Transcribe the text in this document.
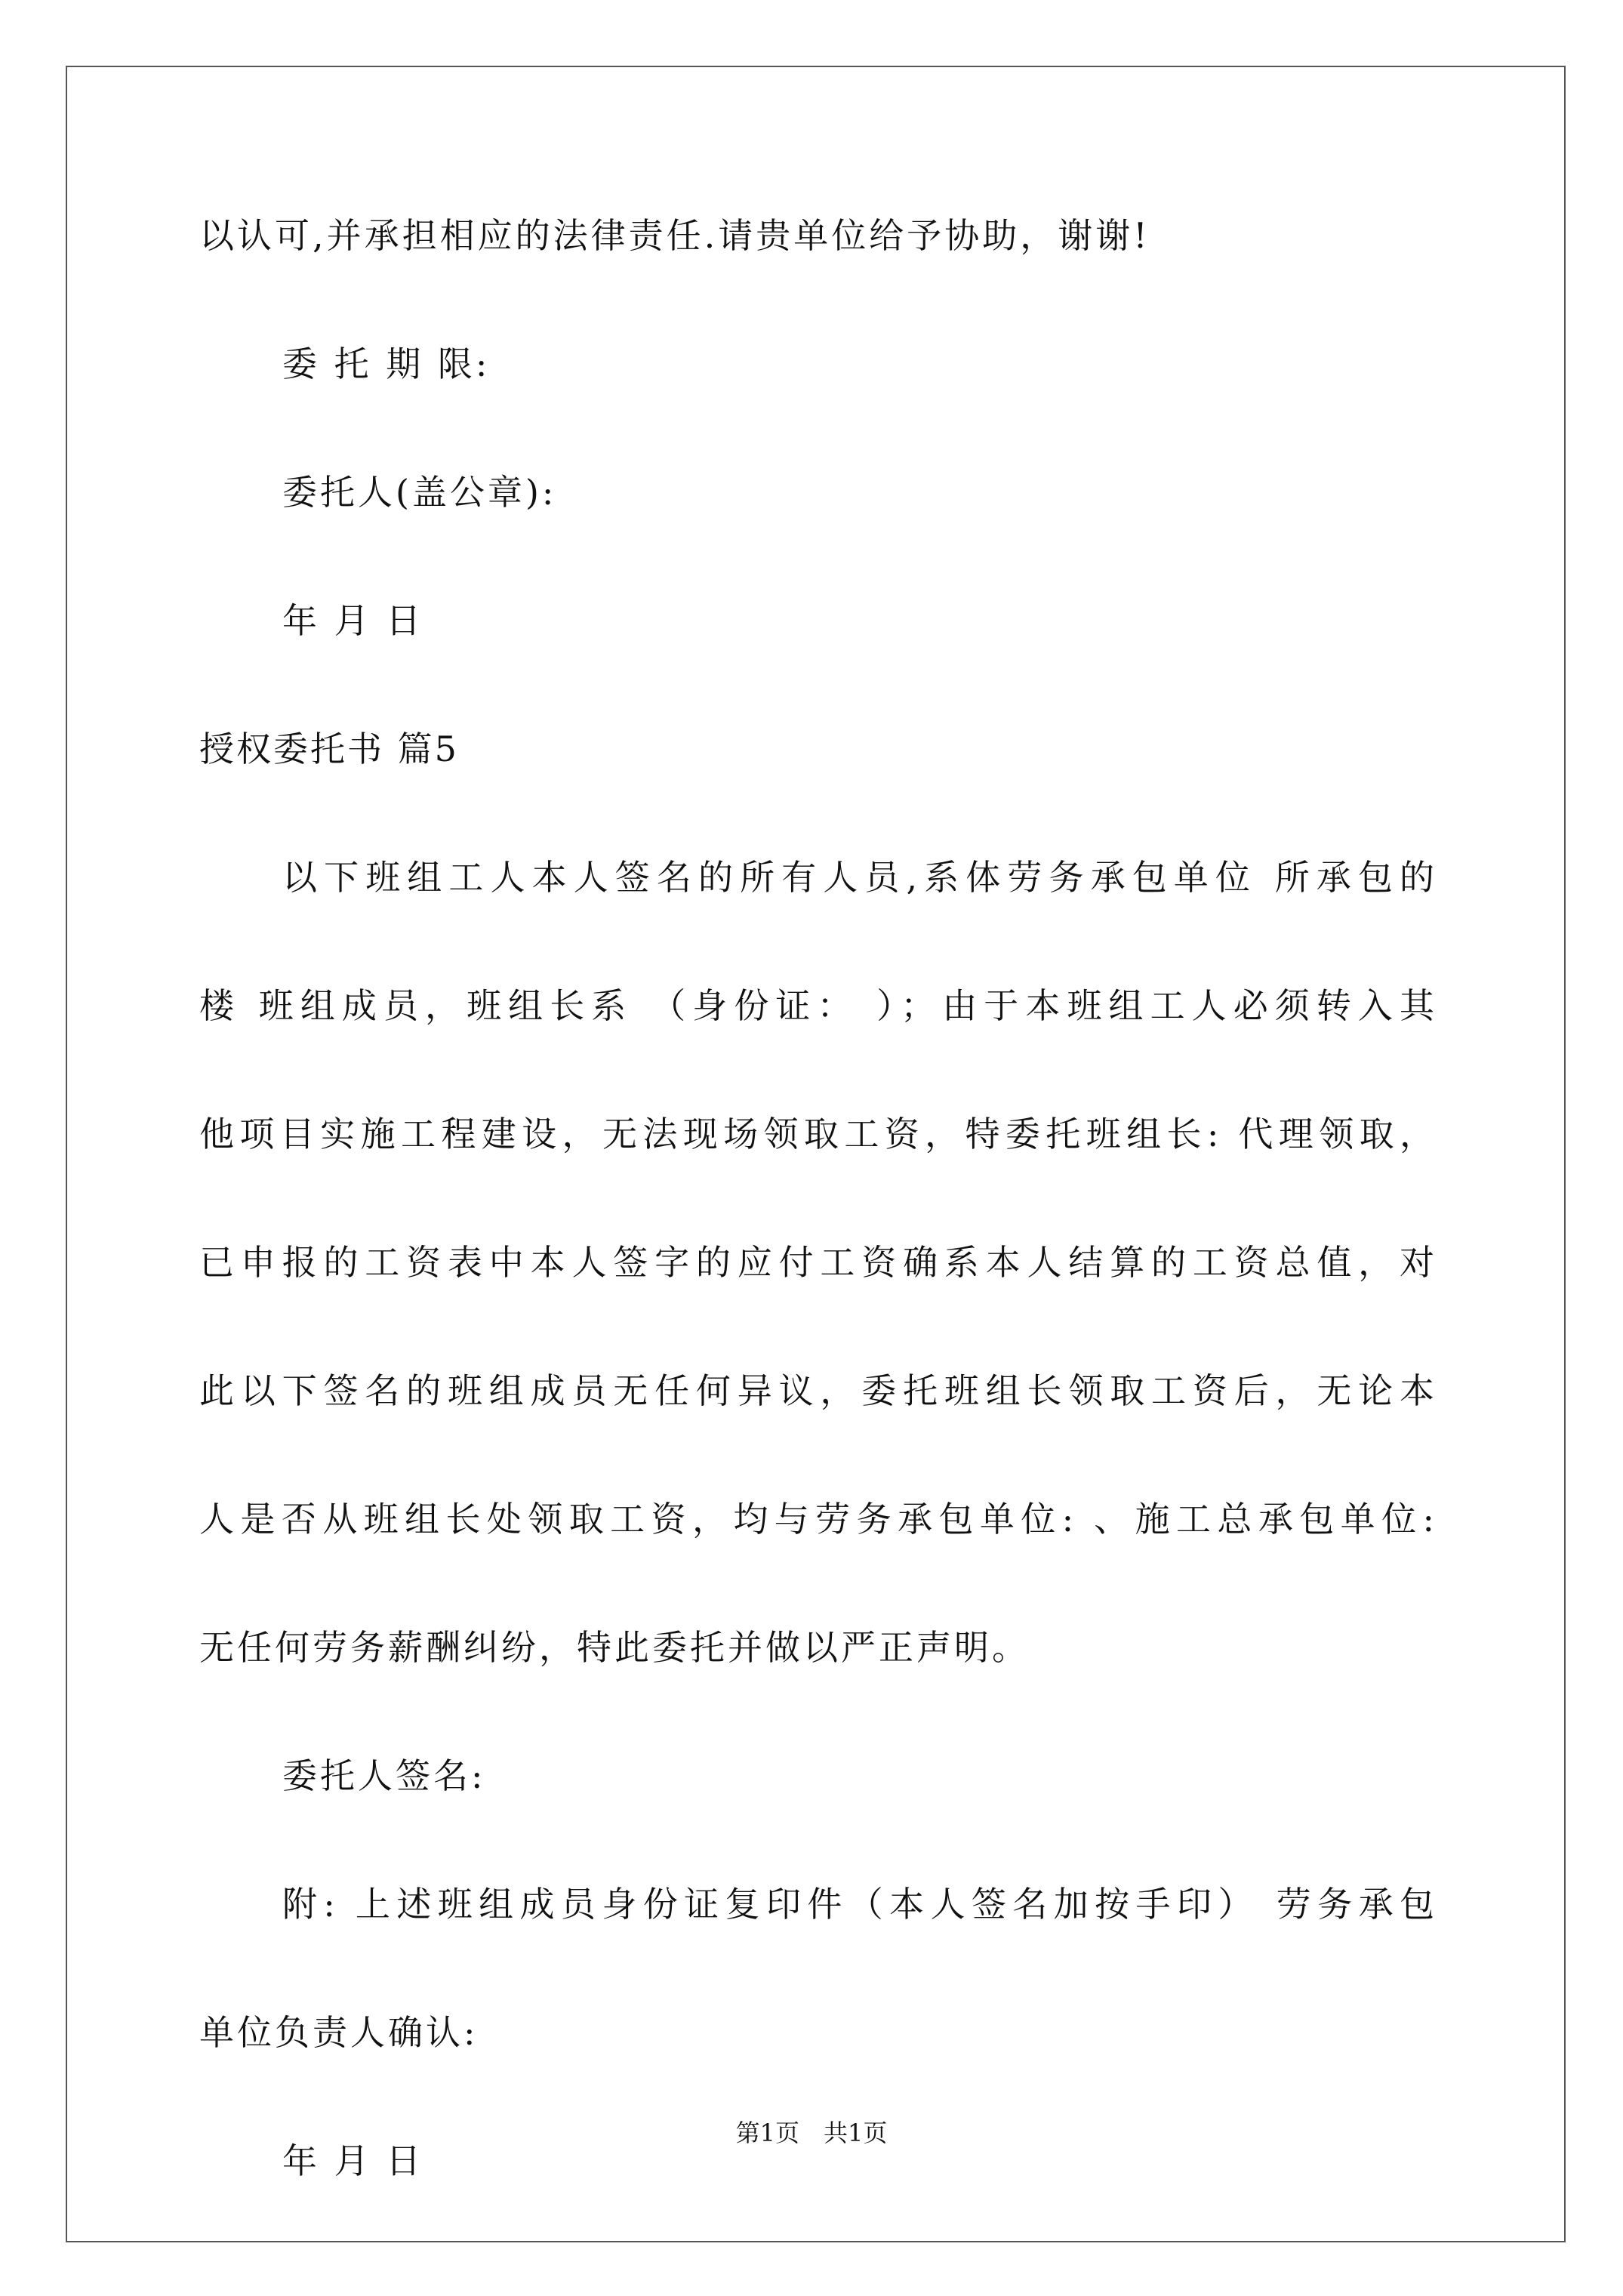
以认可,并承担相应的法律责任.请贵单位给予协助，谢谢!
委 托 期 限:
委托人(盖公章):
年 月 日
授权委托书 篇5
以下班组工人本人签名的所有人员,系体劳务承包单位 所承包的
楼 班组成员，班组长系 （身份证： ）；由于本班组工人必须转入其
他项目实施工程建设，无法现场领取工资，特委托班组长: 代理领取，
已申报的工资表中本人签字的应付工资确系本人结算的工资总值，对
此以下签名的班组成员无任何异议，委托班组长领取工资后，无论本
人是否从班组长处领取工资，均与劳务承包单位: 、施工总承包单位:
无任何劳务薪酬纠纷，特此委托并做以严正声明。
委托人签名:
附: 上述班组成员身份证复印件（本人签名加按手印） 劳务承包
单位负责人确认:
年 月 日
第1页　共1页
